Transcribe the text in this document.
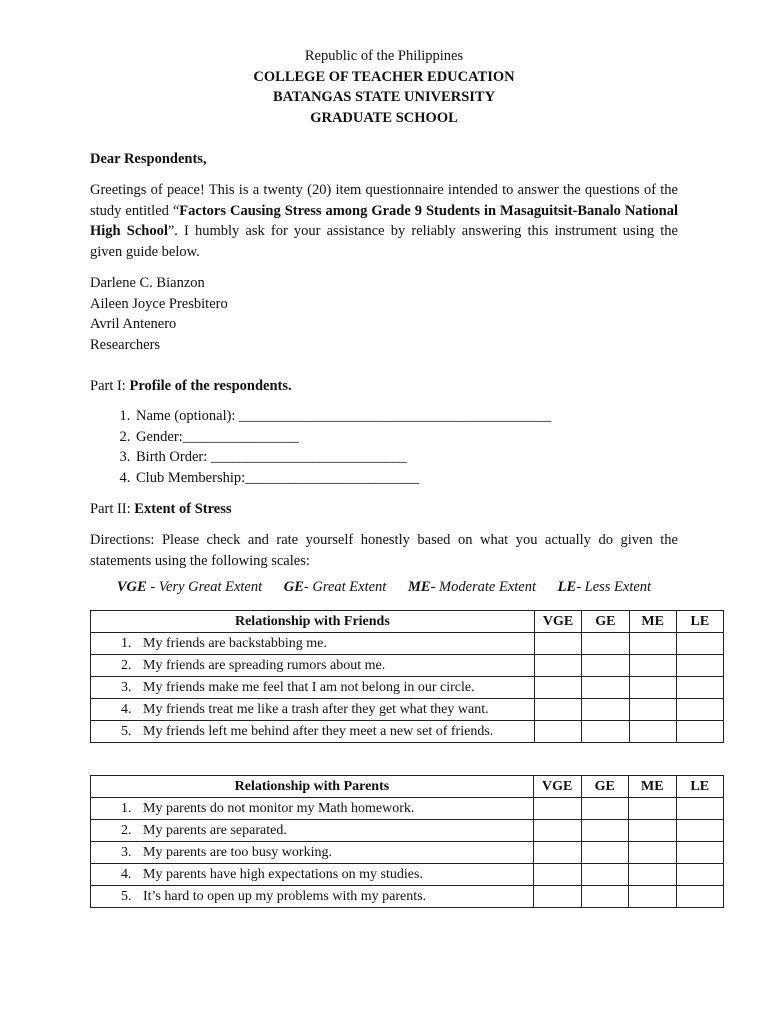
Republic of the Philippines
COLLEGE OF TEACHER EDUCATION
BATANGAS STATE UNIVERSITY
GRADUATE SCHOOL
Dear Respondents,
Greetings of peace! This is a twenty (20) item questionnaire intended to answer the questions of the study entitled “Factors Causing Stress among Grade 9 Students in Masaguitsit-Banalo National High School”. I humbly ask for your assistance by reliably answering this instrument using the given guide below.
Darlene C. Bianzon
Aileen Joyce Presbitero
Avril Antenero
Researchers
Part I: Profile of the respondents.
1. Name (optional): ___________________________________________
2. Gender:________________
3. Birth Order: ___________________________
4. Club Membership:________________________
Part II: Extent of Stress
Directions: Please check and rate yourself honestly based on what you actually do given the statements using the following scales:
VGE - Very Great Extent GE- Great Extent ME- Moderate Extent LE- Less Extent
Relationship with Friends	VGE	GE	ME	LE
1. My friends are backstabbing me.				
2. My friends are spreading rumors about me.				
3. My friends make me feel that I am not belong in our circle.				
4. My friends treat me like a trash after they get what they want.				
5. My friends left me behind after they meet a new set of friends.				
Relationship with Parents	VGE	GE	ME	LE
1. My parents do not monitor my Math homework.				
2. My parents are separated.				
3. My parents are too busy working.				
4. My parents have high expectations on my studies.				
5. It’s hard to open up my problems with my parents.				
